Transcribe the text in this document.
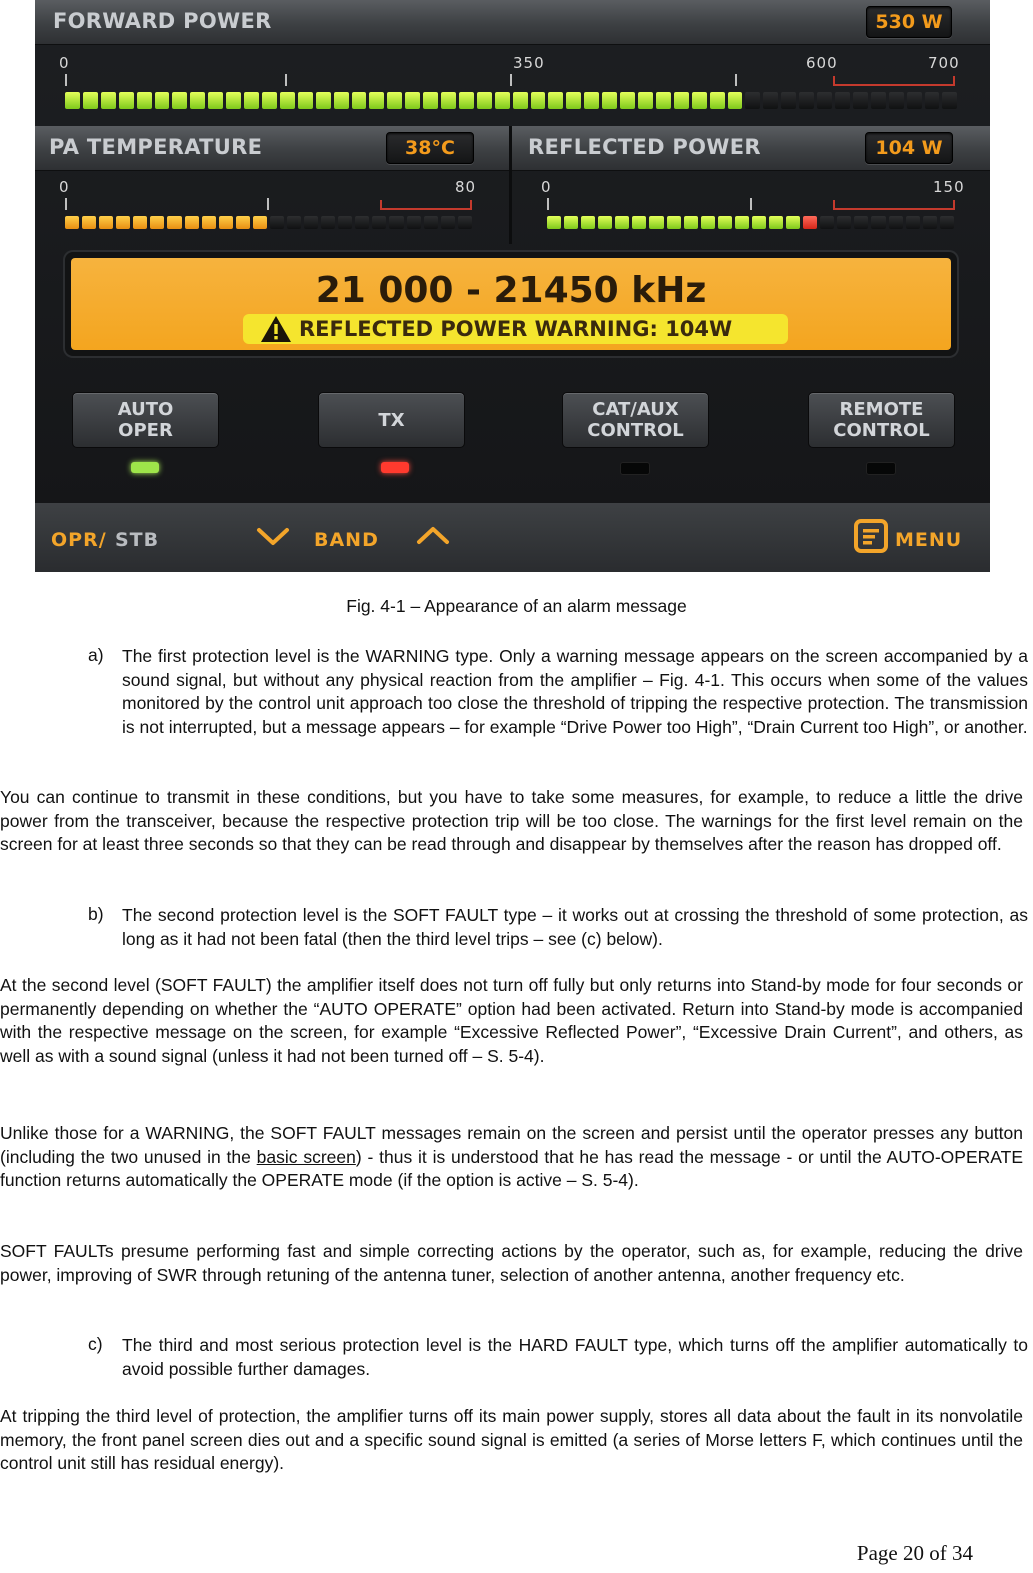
FORWARD POWER	530 W
0	350	600	700
PA TEMPERATURE	38°C
0	80
REFLECTED POWER	104 W
0	150
21 000 - 21450 kHz
REFLECTED POWER WARNING: 104W
AUTO
OPER	TX	CAT/AUX
CONTROL
REMOTE
CONTROL
OPR/ STB	BAND	MENU
Fig. 4-1 – Appearance of an alarm message
a) The first protection level is the WARNING type. Only a warning message appears on the screen accompanied by a sound signal, but without any physical reaction from the amplifier – Fig. 4-1. This occurs when some of the values monitored by the control unit approach too close the threshold of tripping the respective protection. The transmission is not interrupted, but a message appears – for example “Drive Power too High”, “Drain Current too High”, or another.
You can continue to transmit in these conditions, but you have to take some measures, for example, to reduce a little the drive power from the transceiver, because the respective protection trip will be too close. The warnings for the first level remain on the screen for at least three seconds so that they can be read through and disappear by themselves after the reason has dropped off.
b) The second protection level is the SOFT FAULT type – it works out at crossing the threshold of some protection, as long as it had not been fatal (then the third level trips – see (c) below).
At the second level (SOFT FAULT) the amplifier itself does not turn off fully but only returns into Stand-by mode for four seconds or permanently depending on whether the “AUTO OPERATE” option had been activated. Return into Stand-by mode is accompanied with the respective message on the screen, for example “Excessive Reflected Power”, “Excessive Drain Current”, and others, as well as with a sound signal (unless it had not been turned off – S. 5-4).
Unlike those for a WARNING, the SOFT FAULT messages remain on the screen and persist until the operator presses any button (including the two unused in the basic screen) - thus it is understood that he has read the message - or until the AUTO-OPERATE function returns automatically the OPERATE mode (if the option is active – S. 5-4).
SOFT FAULTs presume performing fast and simple correcting actions by the operator, such as, for example, reducing the drive power, improving of SWR through retuning of the antenna tuner, selection of another antenna, another frequency etc.
c) The third and most serious protection level is the HARD FAULT type, which turns off the amplifier automatically to avoid possible further damages.
At tripping the third level of protection, the amplifier turns off its main power supply, stores all data about the fault in its nonvolatile memory, the front panel screen dies out and a specific sound signal is emitted (a series of Morse letters F, which continues until the control unit still has residual energy).
Page 20 of 34
